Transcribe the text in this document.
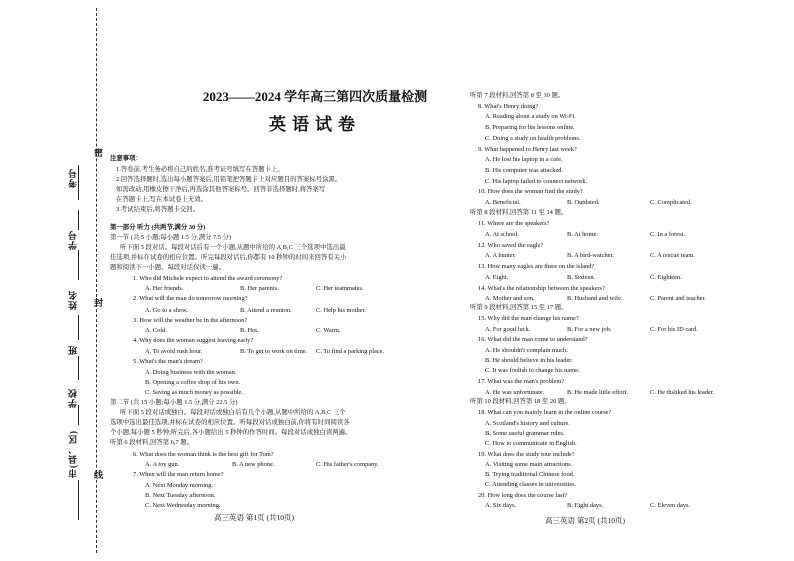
密
封
线
考号
学号
姓名
班
学校
市(县、区)
2023——2024 学年高三第四次质量检测
英语试卷
注意事项：
1.答卷前,考生务必将自己的姓名,准考证号填写在答题卡上。
2.回答选择题时,选出每小题答案后,用铅笔把答题卡上对应题目的答案标号涂黑。
如需改动,用橡皮擦干净后,再选涂其他答案标号。回答非选择题时,将答案写
在答题卡上,写在本试卷上无效。
3.考试结束后,将答题卡交回。
第一部分 听力 (共两节,满分 30 分)
第一节 (共 5 小题;每小题 1.5 分,满分 7.5 分)
听下面 5 段对话。每段对话后有一个小题,从题中所给的 A,B,C 三个选项中选出最
佳选项,并标在试卷的相应位置。听完每段对话后,你都有 10 秒钟的时间来回答有关小
题和阅读下一小题。每段对话仅读一遍。
1. Who did Michele expect to attend the award ceremony?
A. Her friends.	B. Her parents.	C. Her teammates.
2. What will the man do tomorrow morning?
A. Go to a show.	B. Attend a reunion.	C. Help his mother.
3. How will the weather be in the afternoon?
A. Cold.	B. Hot.	C. Warm.
4. Why does the woman suggest leaving early?
A. To avoid rush hour.	B. To get to work on time. C. To find a parking place.
5. What's the man's dream?
A. Doing business with the woman.
B. Opening a coffee shop of his own.
C. Saving as much money as possible.
第二节 (共 15 小题;每小题 1.5 分,满分 22.5 分)
听下面 5 段对话或独白。每段对话或独白后有几个小题,从题中所给的 A,B,C 三个
选项中选出最佳选项,并标在试卷的相应位置。听每段对话或独白前,你将有时间阅读各
个小题,每小题 5 秒钟;听完后,各小题给出 5 秒钟的作答时间。每段对话或独白读两遍。
听第 6 段材料,回答第 6,7 题。
6. What does the woman think is the best gift for Tom?
A. A toy gun.	B. A new phone.	C. His father's company.
7. When will the man return home?
A. Next Monday morning.
B. Next Tuesday afternoon.
C. Next Wednesday morning.
高三英语 第1页 (共10页)
听第 7 段材料,回答第 8 至 10 题。
8. What's Henry doing?
A. Reading about a study on Wi-Fi.
B. Preparing for his lessons online.
C. Doing a study on health problems.
9. What happened to Henry last week?
A. He lost his laptop in a cafe.
B. His computer was attacked.
C. His laptop failed to connect network.
10. How does the woman find the study?
A. Beneficial.	B. Outdated.	C. Complicated.
听第 8 段材料,回答第 11 至 14 题。
11. Where are the speakers?
A. At school.	B. At home.	C. In a forest.
12. Who saved the eagle?
A. A hunter.	B. A bird-watcher.	C. A rescue team.
13. How many eagles are there on the island?
A. Eight.	B. Sixteen.	C. Eighteen.
14. What's the relationship between the speakers?
A. Mother and son.	B. Husband and wife.	C. Parent and teacher.
听第 9 段材料,回答第 15 至 17 题。
15. Why did the man change his name?
A. For good luck.	B. For a new job.	C. For his ID card.
16. What did the man come to understand?
A. He shouldn't complain much.
B. He should believe in his leader.
C. It was foolish to change his name.
17. What was the man's problem?
A. He was unfortunate.	B. He made little effort.	C. He disliked his leader.
听第 10 段材料,回答第 18 至 20 题。
18. What can you mainly learn in the online course?
A. Scotland's history and culture.
B. Some useful grammar rules.
C. How to communicate in English.
19. What does the study tour include?
A. Visiting some main attractions.
B. Trying traditional Chinese food.
C. Attending classes in universities.
20. How long does the course last?
A. Six days.	B. Eight days.	C. Eleven days.
高三英语 第2页 (共10页)
